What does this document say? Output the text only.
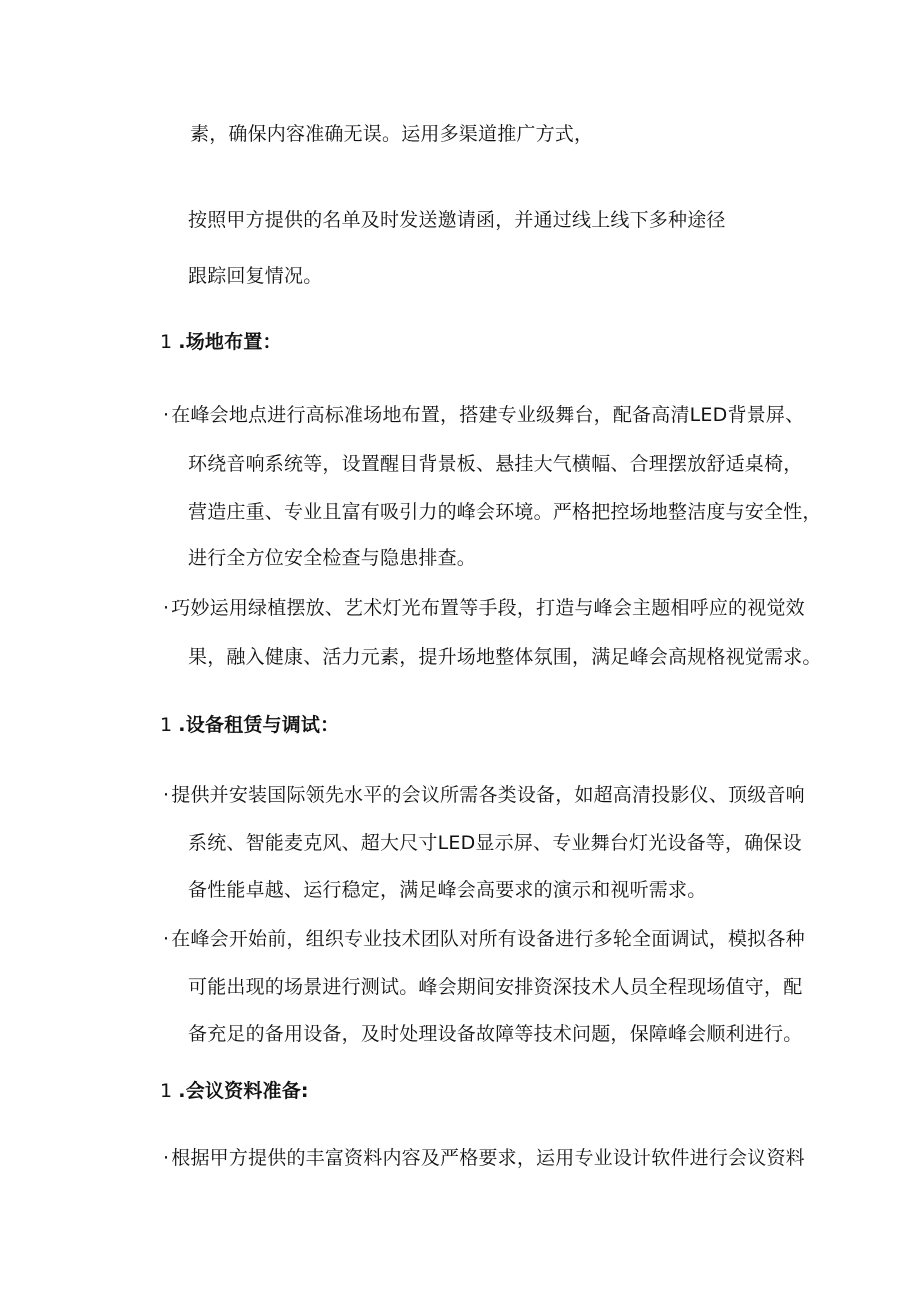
素，确保内容准确无误。运用多渠道推广方式，
按照甲方提供的名单及时发送邀请函，并通过线上线下多种途径
跟踪回复情况。
1 .场地布置：
· 在峰会地点进行高标准场地布置，搭建专业级舞台，配备高清LED背景屏、
环绕音响系统等，设置醒目背景板、悬挂大气横幅、合理摆放舒适桌椅，
营造庄重、专业且富有吸引力的峰会环境。严格把控场地整洁度与安全性，
进行全方位安全检查与隐患排查。
· 巧妙运用绿植摆放、艺术灯光布置等手段，打造与峰会主题相呼应的视觉效
果，融入健康、活力元素，提升场地整体氛围，满足峰会高规格视觉需求。
1 .设备租赁与调试：
· 提供并安装国际领先水平的会议所需各类设备，如超高清投影仪、顶级音响
系统、智能麦克风、超大尺寸LED显示屏、专业舞台灯光设备等，确保设
备性能卓越、运行稳定，满足峰会高要求的演示和视听需求。
· 在峰会开始前，组织专业技术团队对所有设备进行多轮全面调试，模拟各种
可能出现的场景进行测试。峰会期间安排资深技术人员全程现场值守，配
备充足的备用设备，及时处理设备故障等技术问题，保障峰会顺利进行。
1 .会议资料准备:
· 根据甲方提供的丰富资料内容及严格要求，运用专业设计软件进行会议资料
